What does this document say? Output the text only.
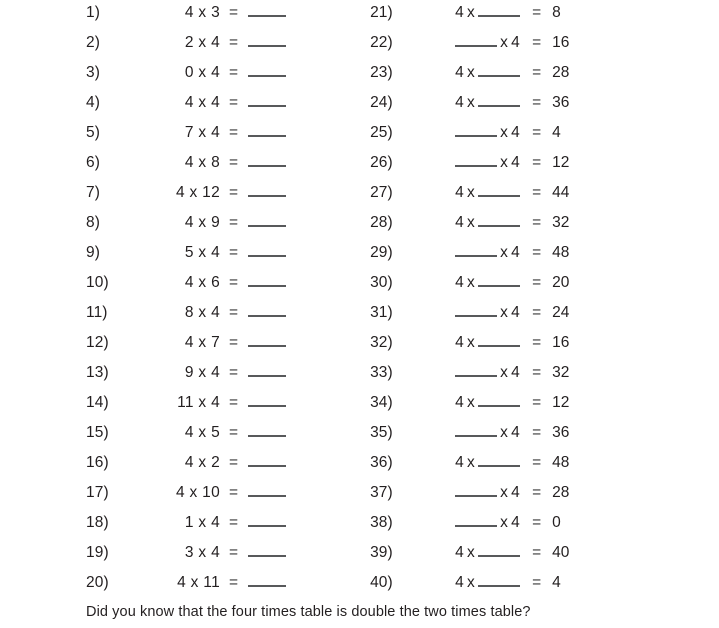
1)	4 x 3 =
2)	2 x 4 =
3)	0 x 4 =
4)	4 x 4 =
5)	7 x 4 =
6)	4 x 8 =
7)	4 x 12 =
8)	4 x 9 =
9)	5 x 4 =
10)	4 x 6 =
11)	8 x 4 =
12)	4 x 7 =
13)	9 x 4 =
14)	11 x 4 =
15)	4 x 5 =
16)	4 x 2 =
17)	4 x 10 =
18)	1 x 4 =
19)	3 x 4 =
20)	4 x 11 =
21)	4 x	= 8
22)	x 4 = 16
23)	4 x	= 28
24)	4 x	= 36
25)	x 4 = 4
26)	x 4 = 12
27)	4 x	= 44
28)	4 x	= 32
29)	x 4 = 48
30)	4 x	= 20
31)	x 4 = 24
32)	4 x	= 16
33)	x 4 = 32
34)	4 x	= 12
35)	x 4 = 36
36)	4 x	= 48
37)	x 4 = 28
38)	x 4 = 0
39)	4 x	= 40
40)	4 x	= 4
Did you know that the four times table is double the two times table?
